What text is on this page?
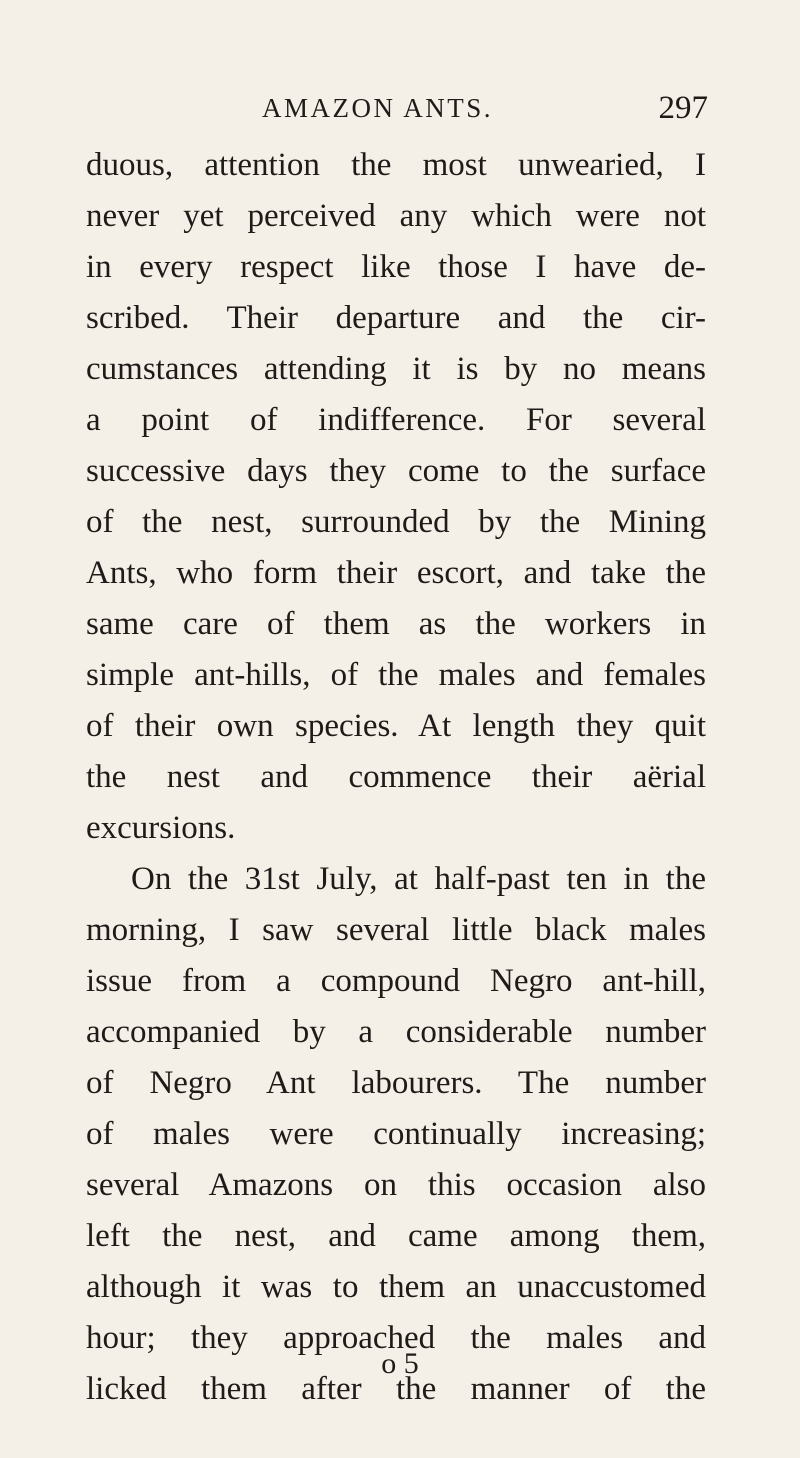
AMAZON ANTS.	297
duous, attention the most unwearied, I
never yet perceived any which were not
in every respect like those I have de-
scribed. Their departure and the cir-
cumstances attending it is by no means
a point of indifference. For several
successive days they come to the surface
of the nest, surrounded by the Mining
Ants, who form their escort, and take the
same care of them as the workers in
simple ant-hills, of the males and females
of their own species. At length they quit
the nest and commence their aërial
excursions.
On the 31st July, at half-past ten in the
morning, I saw several little black males
issue from a compound Negro ant-hill,
accompanied by a considerable number
of Negro Ant labourers. The number
of males were continually increasing;
several Amazons on this occasion also
left the nest, and came among them,
although it was to them an unaccustomed
hour; they approached the males and
licked them after the manner of the
o 5
